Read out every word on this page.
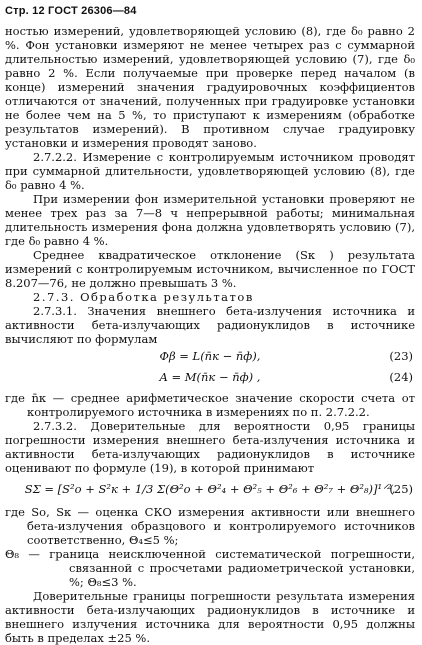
Стр. 12 ГОСТ 26306—84

ностью измерений, удовлетворяющей условию (8), где δ₀ равно 2 %. Фон установки измеряют не менее четырех раз с суммарной длительностью измерений, удовлетворяющей условию (7), где δ₀ равно 2 %. Если получаемые при проверке перед началом (в конце) измерений значения градуировочных коэффициентов отличаются от значений, полученных при градуировке установки не более чем на 5 %, то приступают к измерениям (обработке результатов измерений). В противном случае градуировку установки и измерения проводят заново.

2.7.2.2. Измерение с контролируемым источником проводят при суммарной длительности, удовлетворяющей условию (8), где δ₀ равно 4 %.

При измерении фон измерительной установки проверяют не менее трех раз за 7—8 ч непрерывной работы; минимальная длительность измерения фона должна удовлетворять условию (7), где δ₀ равно 4 %.

Среднее квадратическое отклонение (Sк ) результата измерений с контролируемым источником, вычисленное по ГОСТ 8.207—76, не должно превышать 3 %.

2.7.3. Обработка результатов

2.7.3.1. Значения внешнего бета-излучения источника и активности бета-излучающих радионуклидов в источнике вычисляют по формулам

Φβ = L(n̄к − n̄ф),	(23)
A = M(n̄к − n̄ф) ,	(24)

где n̄к — среднее арифметическое значение скорости счета от контролируемого источника в измерениях по п. 2.7.2.2.

2.7.3.2. Доверительные для вероятности 0,95 границы погрешности измерения внешнего бета-излучения источника и активности бета-излучающих радионуклидов в источнике оценивают по формуле (19), в которой принимают

SΣ = [S²о + S²к + 1/3 Σ(Θ²о + Θ²₄ + Θ²₅ + Θ²₆ + Θ²₇ + Θ²₈)]¹ᐟ²,
(25)

где Sо, Sк — оценка СКО измерения активности или внешнего бета-излучения образцового и контролируемого источников соответственно, Θ₄≤5 %;

Θ₈ — граница неисключенной систематической погрешности, связанной с просчетами радиометрической установки, %; Θ₈≤3 %.

Доверительные границы погрешности результата измерения активности бета-излучающих радионуклидов в источнике и внешнего излучения источника для вероятности 0,95 должны быть в пределах ±25 %.
